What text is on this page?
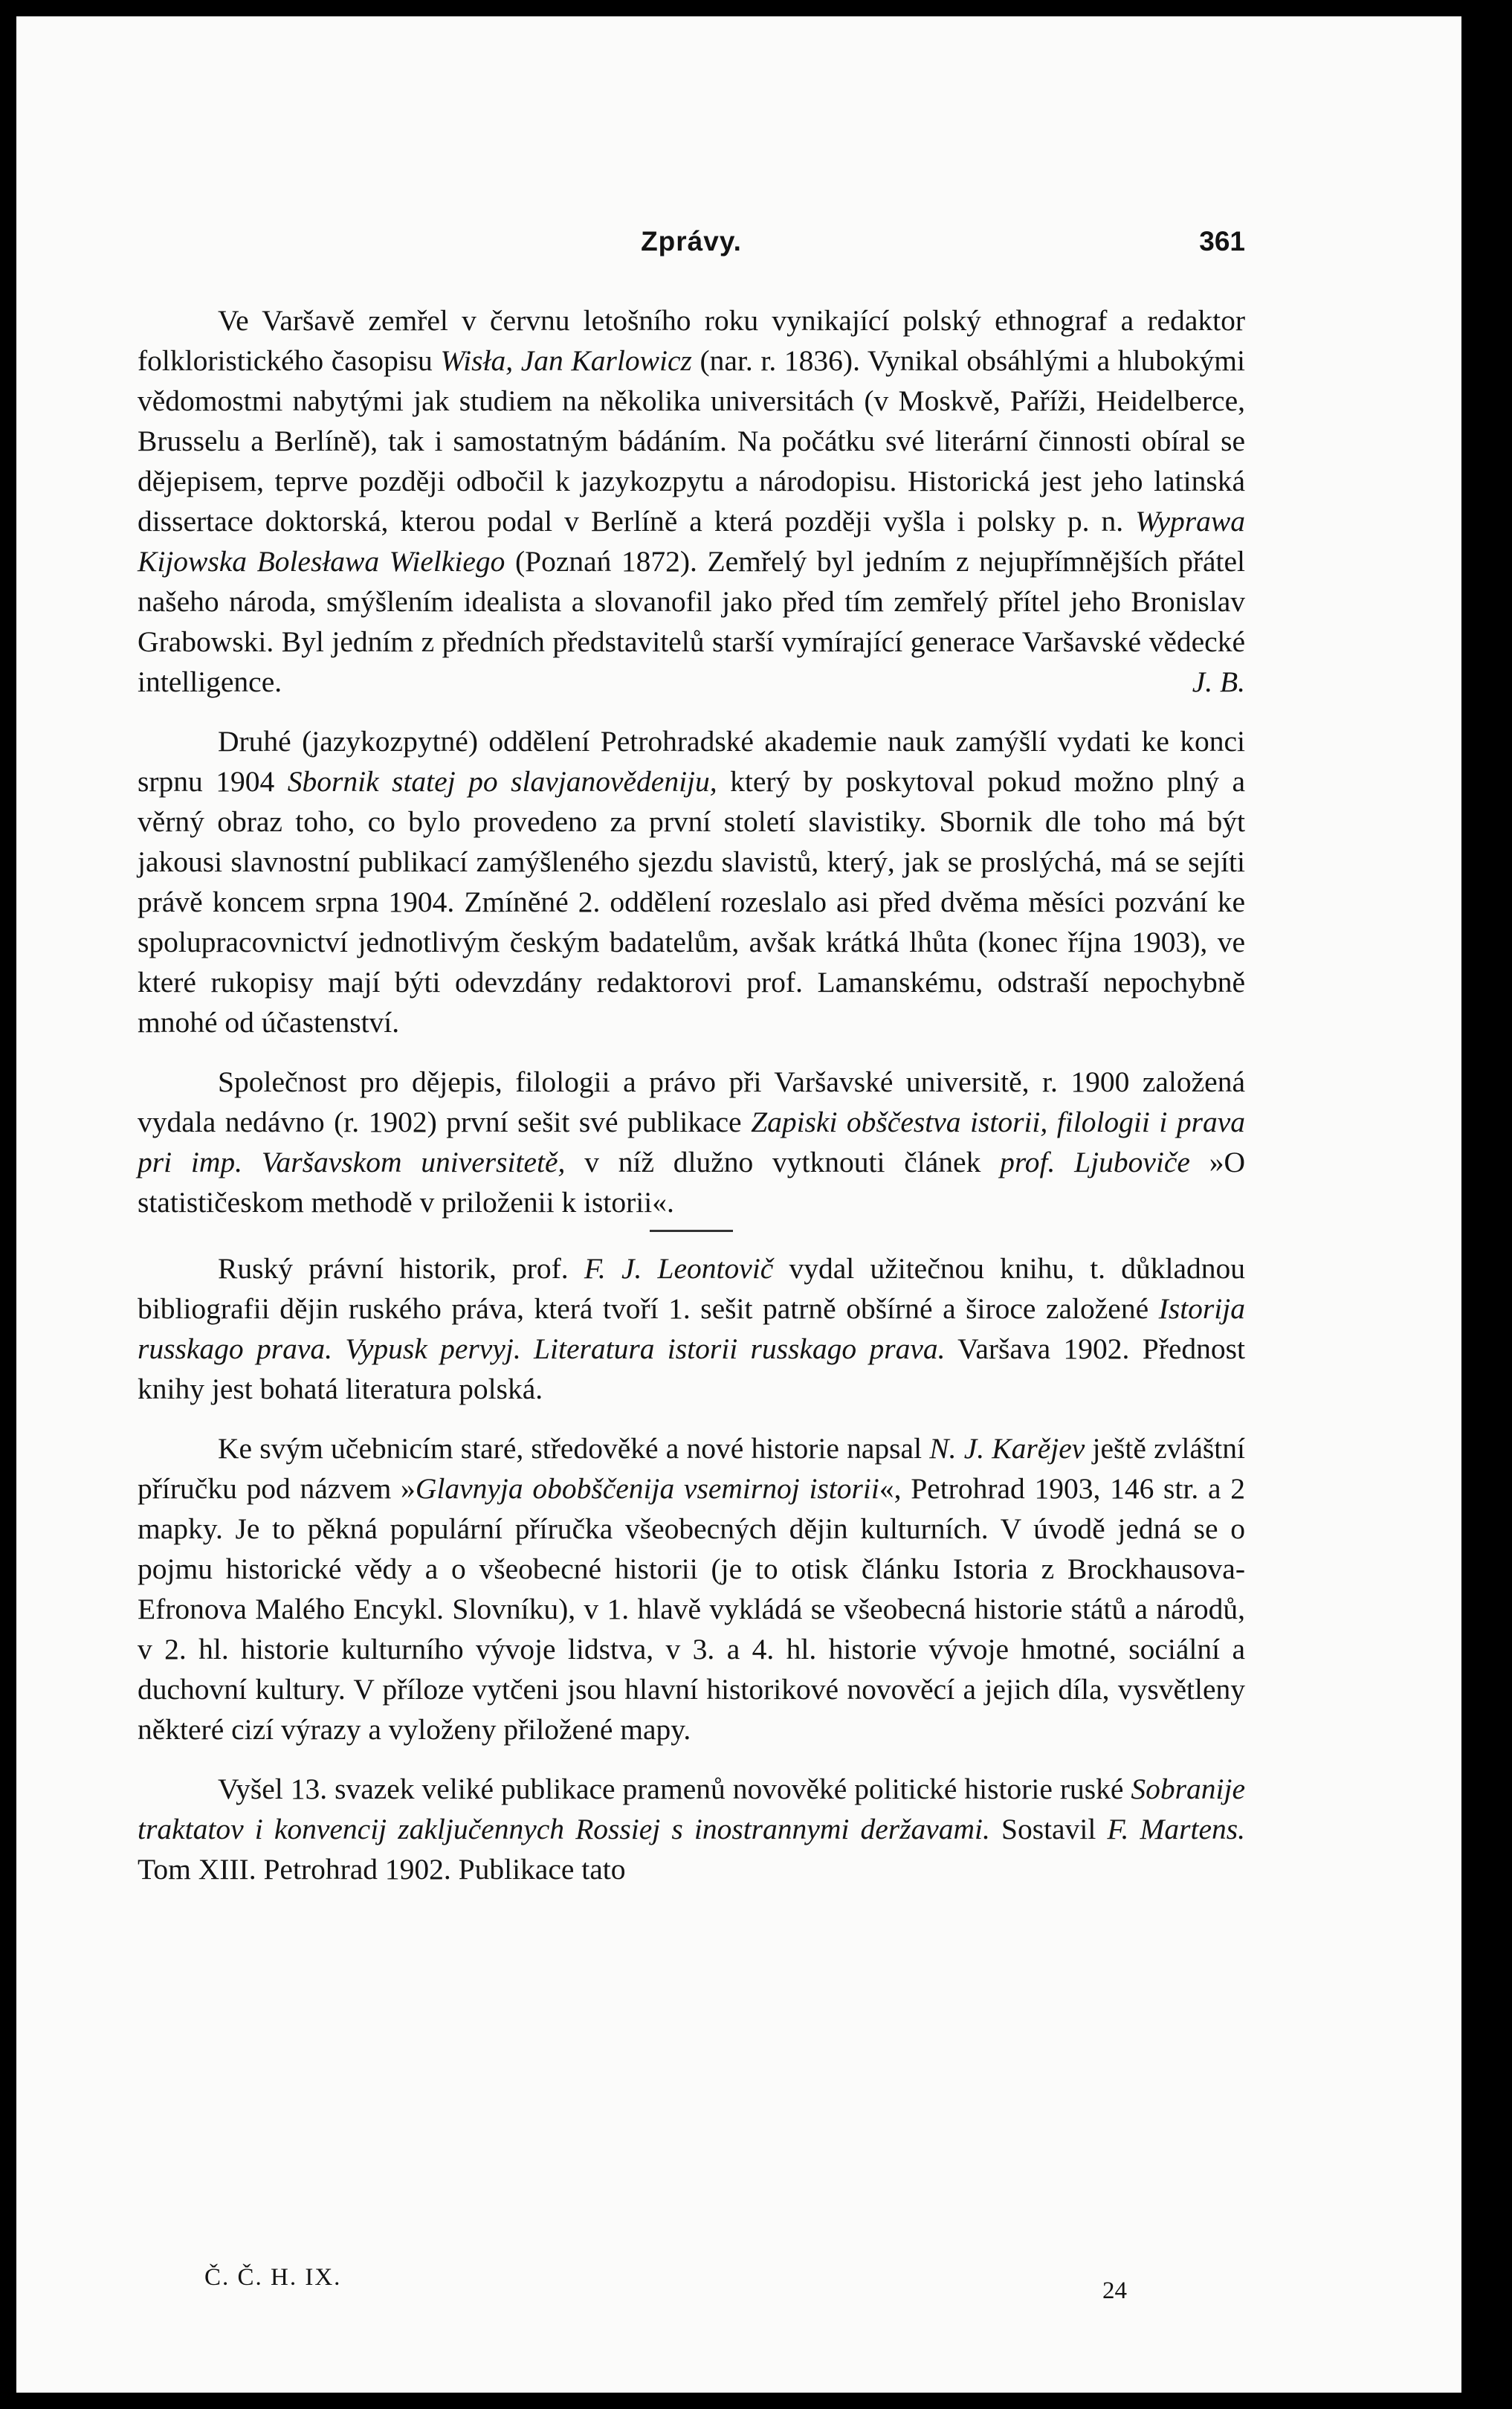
Zprávy.	361

Ve Varšavě zemřel v červnu letošního roku vynikající polský ethnograf a redaktor folkloristického časopisu Wisła, Jan Karlowicz (nar. r. 1836). Vynikal obsáhlými a hlubokými vědomostmi nabytými jak studiem na několika universitách (v Moskvě, Paříži, Heidelberce, Brusselu a Berlíně), tak i samostatným bádáním. Na počátku své literární činnosti obíral se dějepisem, teprve později odbočil k jazykozpytu a národopisu. Historická jest jeho latinská dissertace doktorská, kterou podal v Berlíně a která později vyšla i polsky p. n. Wyprawa Kijowska Bolesława Wielkiego (Poznań 1872). Zemřelý byl jedním z nejupřímnějších přátel našeho národa, smýšlením idealista a slovanofil jako před tím zemřelý přítel jeho Bronislav Grabowski. Byl jedním z předních představitelů starší vymírající generace Varšavské vědecké intelligence.	J. B.

Druhé (jazykozpytné) oddělení Petrohradské akademie nauk zamýšlí vydati ke konci srpnu 1904 Sbornik statej po slavjanovědeniju, který by poskytoval pokud možno plný a věrný obraz toho, co bylo provedeno za první století slavistiky. Sbornik dle toho má být jakousi slavnostní publikací zamýšleného sjezdu slavistů, který, jak se proslýchá, má se sejíti právě koncem srpna 1904. Zmíněné 2. oddělení rozeslalo asi před dvěma měsíci pozvání ke spolupracovnictví jednotlivým českým badatelům, avšak krátká lhůta (konec října 1903), ve které rukopisy mají býti odevzdány redaktorovi prof. Lamanskému, odstraší nepochybně mnohé od účastenství.

Společnost pro dějepis, filologii a právo při Varšavské universitě, r. 1900 založená vydala nedávno (r. 1902) první sešit své publikace Zapiski obščestva istorii, filologii i prava pri imp. Varšavskom universitetě, v níž dlužno vytknouti článek prof. Ljuboviče »O statističeskom methodě v priloženii k istorii«.

Ruský právní historik, prof. F. J. Leontovič vydal užitečnou knihu, t. důkladnou bibliografii dějin ruského práva, která tvoří 1. sešit patrně obšírné a široce založené Istorija russkago prava. Vypusk pervyj. Literatura istorii russkago prava. Varšava 1902. Přednost knihy jest bohatá literatura polská.

Ke svým učebnicím staré, středověké a nové historie napsal N. J. Karějev ještě zvláštní příručku pod názvem »Glavnyja obobščenija vsemirnoj istorii«, Petrohrad 1903, 146 str. a 2 mapky. Je to pěkná populární příručka všeobecných dějin kulturních. V úvodě jedná se o pojmu historické vědy a o všeobecné historii (je to otisk článku Istoria z Brockhausova-Efronova Malého Encykl. Slovníku), v 1. hlavě vykládá se všeobecná historie států a národů, v 2. hl. historie kulturního vývoje lidstva, v 3. a 4. hl. historie vývoje hmotné, sociální a duchovní kultury. V příloze vytčeni jsou hlavní historikové novověcí a jejich díla, vysvětleny některé cizí výrazy a vyloženy přiložené mapy.

Vyšel 13. svazek veliké publikace pramenů novověké politické historie ruské Sobranije traktatov i konvencij zaključennych Rossiej s inostrannymi deržavami. Sostavil F. Martens. Tom XIII. Petrohrad 1902. Publikace tato

Č. Č. H. IX.	24
